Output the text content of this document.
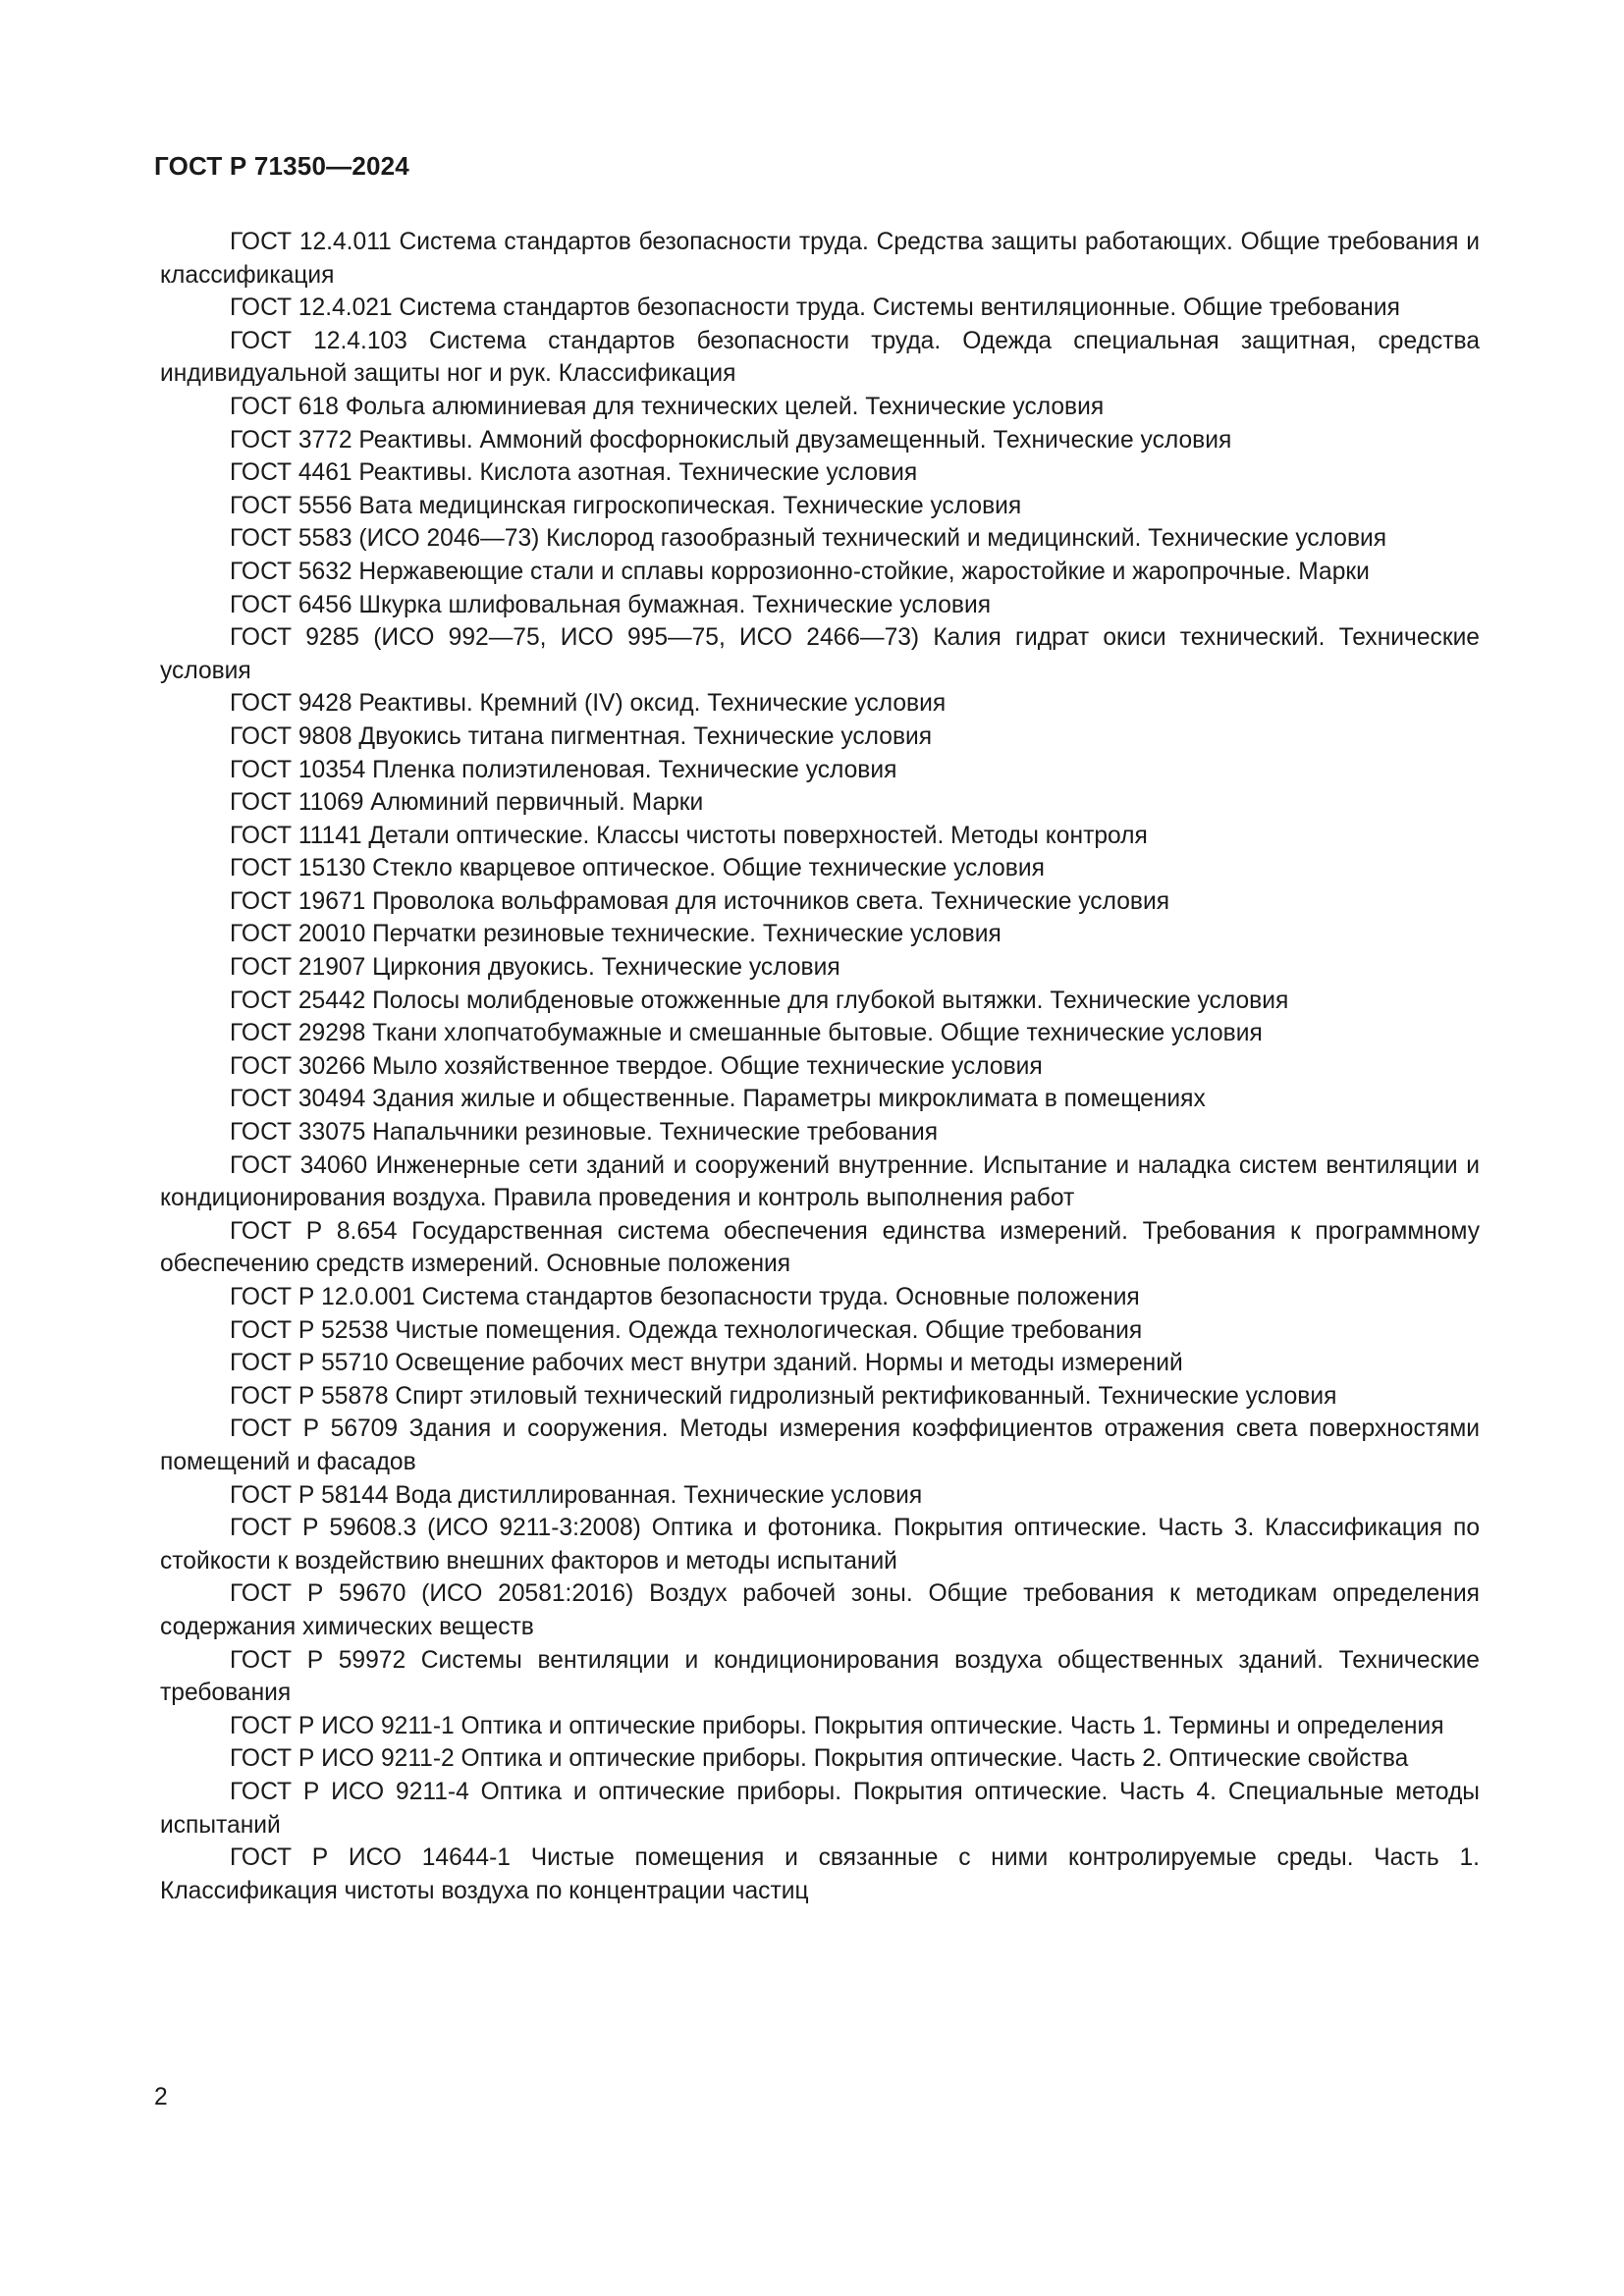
ГОСТ Р 71350—2024
ГОСТ 12.4.011 Система стандартов безопасности труда. Средства защиты работающих. Общие требования и классификация
ГОСТ 12.4.021 Система стандартов безопасности труда. Системы вентиляционные. Общие требования
ГОСТ 12.4.103 Система стандартов безопасности труда. Одежда специальная защитная, средства индивидуальной защиты ног и рук. Классификация
ГОСТ 618 Фольга алюминиевая для технических целей. Технические условия
ГОСТ 3772 Реактивы. Аммоний фосфорнокислый двузамещенный. Технические условия
ГОСТ 4461 Реактивы. Кислота азотная. Технические условия
ГОСТ 5556 Вата медицинская гигроскопическая. Технические условия
ГОСТ 5583 (ИСО 2046—73) Кислород газообразный технический и медицинский. Технические условия
ГОСТ 5632 Нержавеющие стали и сплавы коррозионно-стойкие, жаростойкие и жаропрочные. Марки
ГОСТ 6456 Шкурка шлифовальная бумажная. Технические условия
ГОСТ 9285 (ИСО 992—75, ИСО 995—75, ИСО 2466—73) Калия гидрат окиси технический. Технические условия
ГОСТ 9428 Реактивы. Кремний (IV) оксид. Технические условия
ГОСТ 9808 Двуокись титана пигментная. Технические условия
ГОСТ 10354 Пленка полиэтиленовая. Технические условия
ГОСТ 11069 Алюминий первичный. Марки
ГОСТ 11141 Детали оптические. Классы чистоты поверхностей. Методы контроля
ГОСТ 15130 Стекло кварцевое оптическое. Общие технические условия
ГОСТ 19671 Проволока вольфрамовая для источников света. Технические условия
ГОСТ 20010 Перчатки резиновые технические. Технические условия
ГОСТ 21907 Циркония двуокись. Технические условия
ГОСТ 25442 Полосы молибденовые отожженные для глубокой вытяжки. Технические условия
ГОСТ 29298 Ткани хлопчатобумажные и смешанные бытовые. Общие технические условия
ГОСТ 30266 Мыло хозяйственное твердое. Общие технические условия
ГОСТ 30494 Здания жилые и общественные. Параметры микроклимата в помещениях
ГОСТ 33075 Напальчники резиновые. Технические требования
ГОСТ 34060 Инженерные сети зданий и сооружений внутренние. Испытание и наладка систем вентиляции и кондиционирования воздуха. Правила проведения и контроль выполнения работ
ГОСТ Р 8.654 Государственная система обеспечения единства измерений. Требования к программному обеспечению средств измерений. Основные положения
ГОСТ Р 12.0.001 Система стандартов безопасности труда. Основные положения
ГОСТ Р 52538 Чистые помещения. Одежда технологическая. Общие требования
ГОСТ Р 55710 Освещение рабочих мест внутри зданий. Нормы и методы измерений
ГОСТ Р 55878 Спирт этиловый технический гидролизный ректификованный. Технические условия
ГОСТ Р 56709 Здания и сооружения. Методы измерения коэффициентов отражения света поверхностями помещений и фасадов
ГОСТ Р 58144 Вода дистиллированная. Технические условия
ГОСТ Р 59608.3 (ИСО 9211-3:2008) Оптика и фотоника. Покрытия оптические. Часть 3. Классификация по стойкости к воздействию внешних факторов и методы испытаний
ГОСТ Р 59670 (ИСО 20581:2016) Воздух рабочей зоны. Общие требования к методикам определения содержания химических веществ
ГОСТ Р 59972 Системы вентиляции и кондиционирования воздуха общественных зданий. Технические требования
ГОСТ Р ИСО 9211-1 Оптика и оптические приборы. Покрытия оптические. Часть 1. Термины и определения
ГОСТ Р ИСО 9211-2 Оптика и оптические приборы. Покрытия оптические. Часть 2. Оптические свойства
ГОСТ Р ИСО 9211-4 Оптика и оптические приборы. Покрытия оптические. Часть 4. Специальные методы испытаний
ГОСТ Р ИСО 14644-1 Чистые помещения и связанные с ними контролируемые среды. Часть 1. Классификация чистоты воздуха по концентрации частиц
2
